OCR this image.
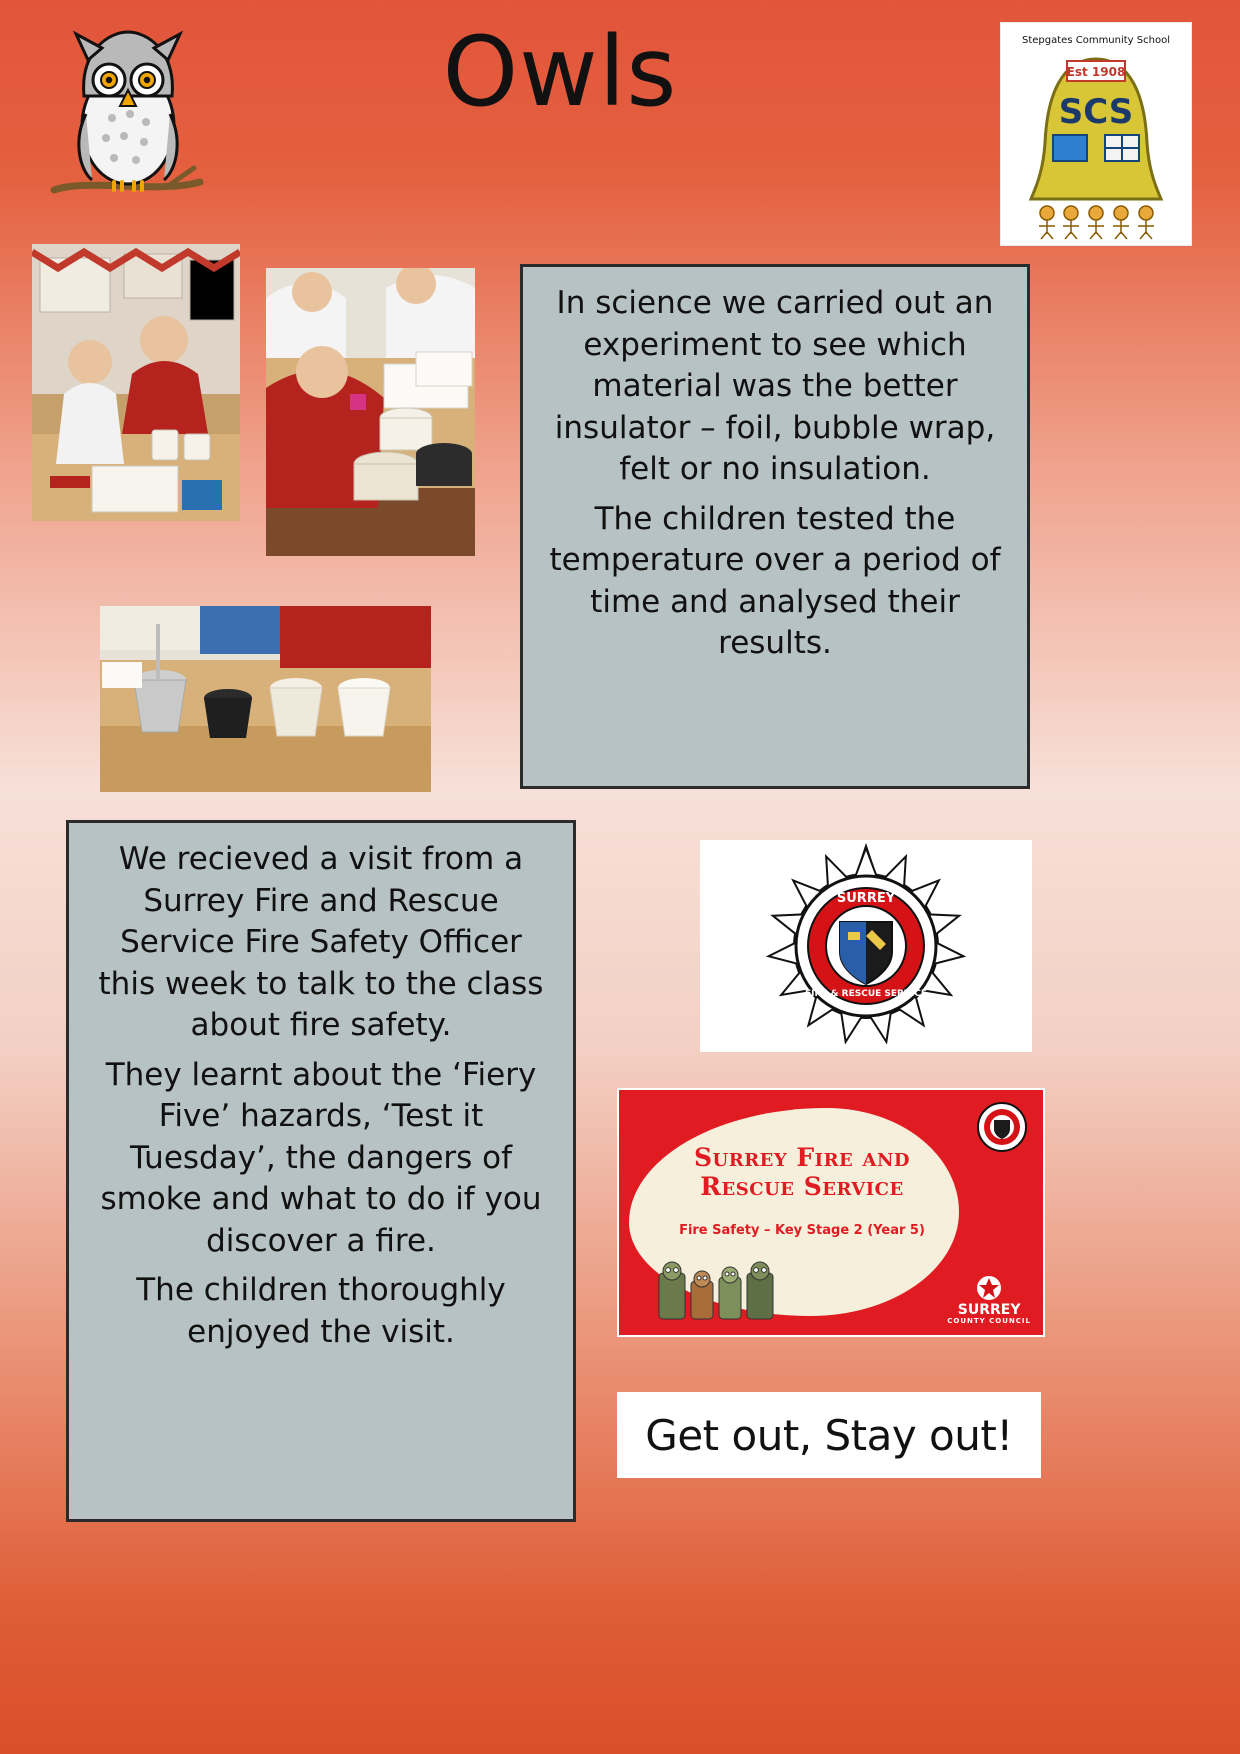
Owls	Stepgates Community School
Est 1908
SCS

In science we carried out an experiment to see which material was the better insulator – foil, bubble wrap, felt or no insulation.

The children tested the temperature over a period of time and analysed their results.

We recieved a visit from a Surrey Fire and Rescue Service Fire Safety Officer this week to talk to the class about fire safety.

They learnt about the ‘Fiery Five’ hazards, ‘Test it Tuesday’, the dangers of smoke and what to do if you discover a fire.

The children thoroughly enjoyed the visit.

SURREY
FIRE & RESCUE SERVICE
Surrey Fire and Rescue Service
Fire Safety – Key Stage 2 (Year 5)
SURREY
COUNTY COUNCIL
Get out, Stay out!
